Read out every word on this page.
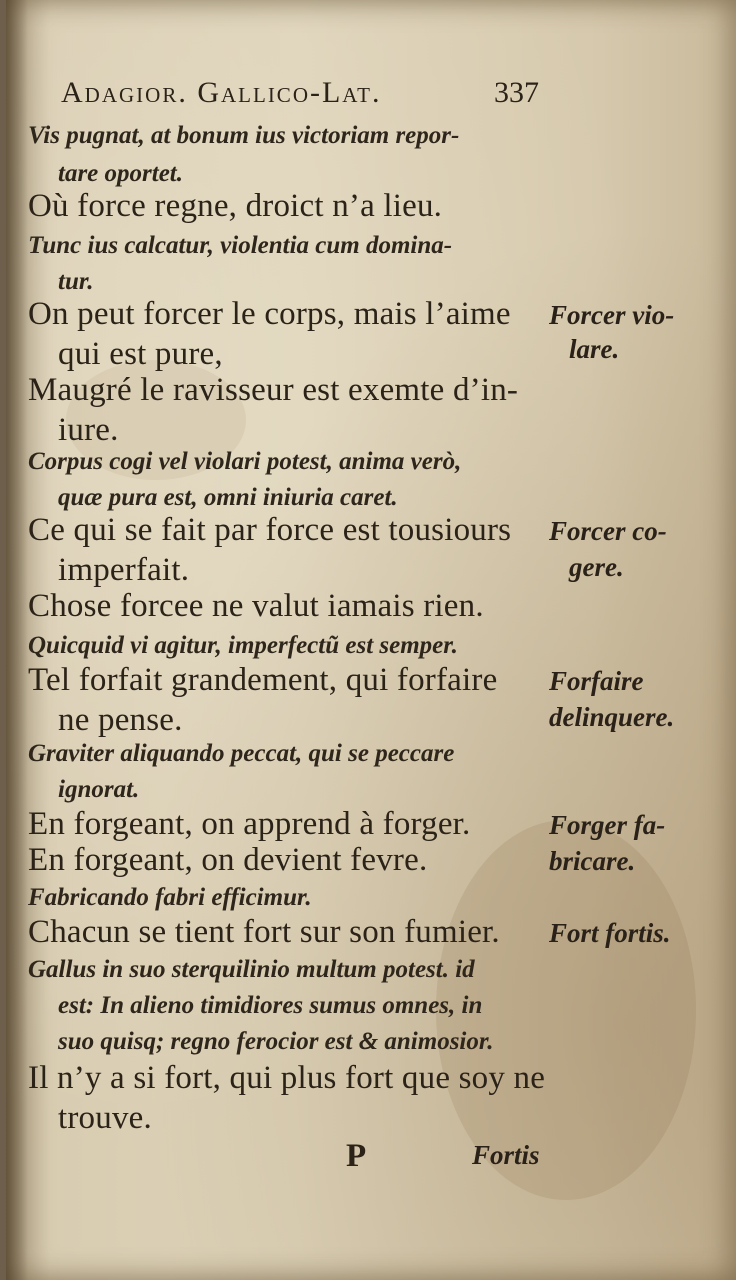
Adagior. Gallico-Lat.	337
Vis pugnat, at bonum ius victoriam repor-
tare oportet.
Où force regne, droict n’a lieu.
Tunc ius calcatur, violentia cum domina-
tur.
On peut forcer le corps, mais l’aime
qui est pure,
Maugré le ravisseur est exemte d’in-
iure.
Corpus cogi vel violari potest, anima verò,
quæ pura est, omni iniuria caret.
Ce qui se fait par force est tousiours
imperfait.
Chose forcee ne valut iamais rien.
Quicquid vi agitur, imperfectũ est semper.
Tel forfait grandement, qui forfaire
ne pense.
Graviter aliquando peccat, qui se peccare
ignorat.
En forgeant, on apprend à forger.
En forgeant, on devient fevre.
Fabricando fabri efficimur.
Chacun se tient fort sur son fumier.
Gallus in suo sterquilinio multum potest. id
est: In alieno timidiores sumus omnes, in
suo quisq; regno ferocior est & animosior.
Il n’y a si fort, qui plus fort que soy ne
trouve.
Forcer vio-
lare.
Forcer co-
gere.
Forfaire
delinquere.
Forger fa-
bricare.
Fort fortis.
P	Fortis
